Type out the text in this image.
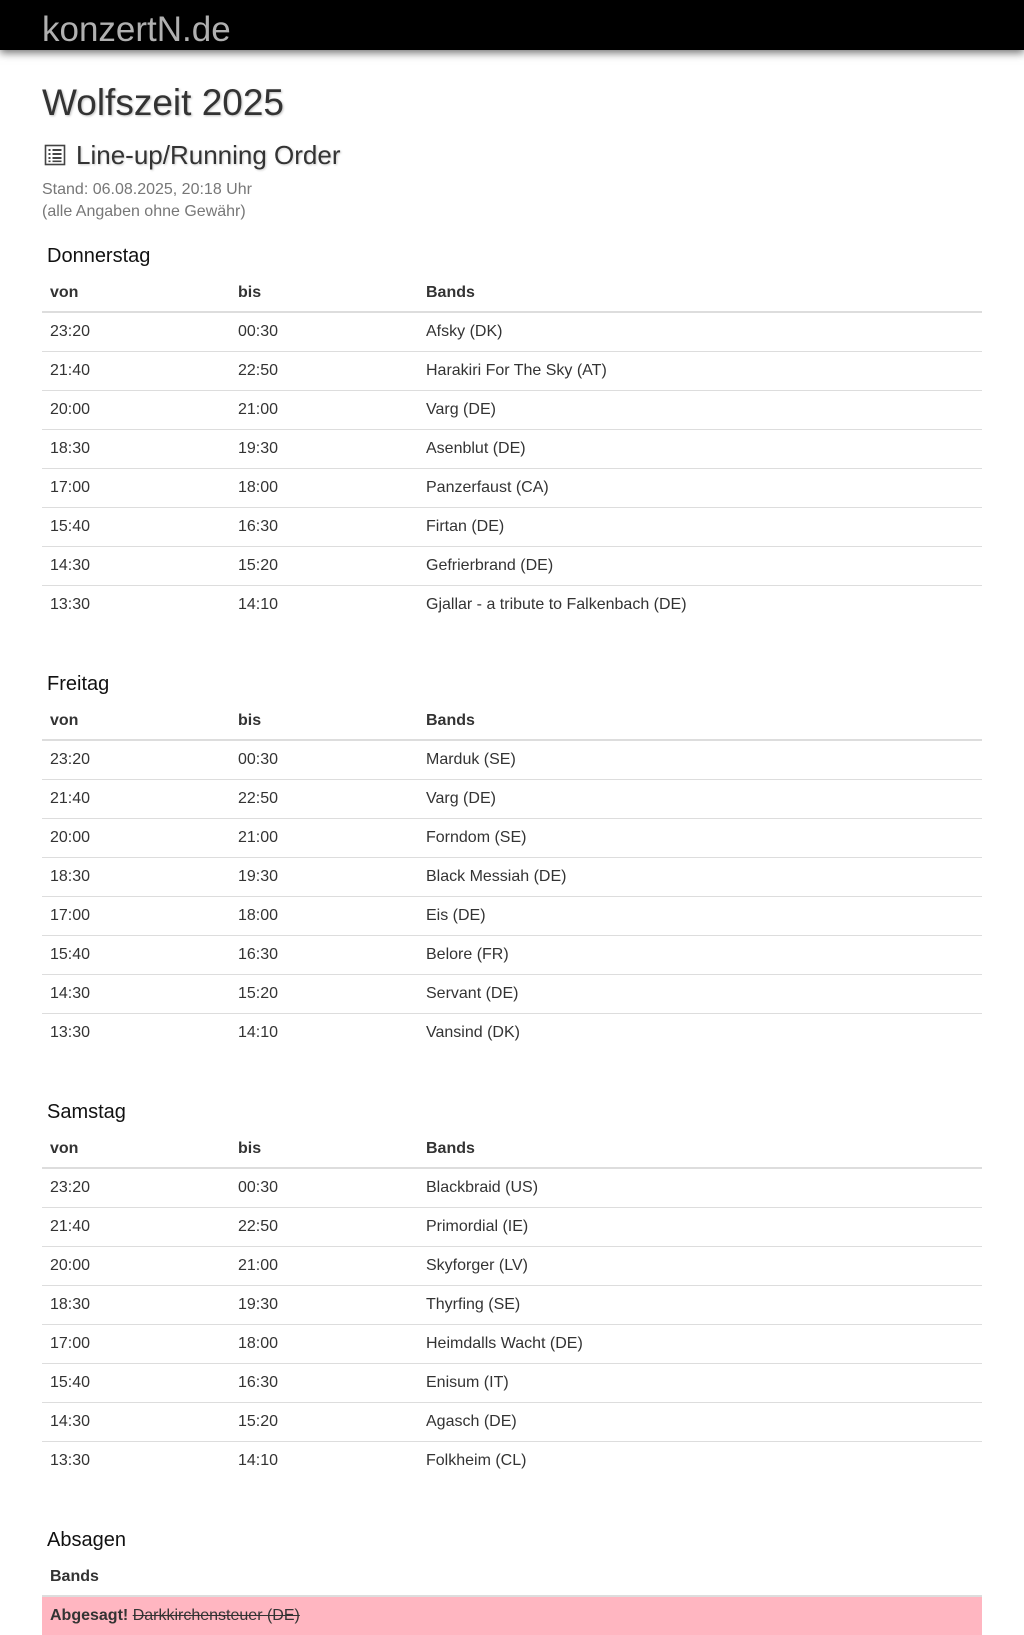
konzertN.de
Wolfszeit 2025
Line-up/Running Order
Stand: 06.08.2025, 20:18 Uhr
(alle Angaben ohne Gewähr)
Donnerstag
von	bis	Bands
23:20	00:30	Afsky (DK)
21:40	22:50	Harakiri For The Sky (AT)
20:00	21:00	Varg (DE)
18:30	19:30	Asenblut (DE)
17:00	18:00	Panzerfaust (CA)
15:40	16:30	Firtan (DE)
14:30	15:20	Gefrierbrand (DE)
13:30	14:10	Gjallar - a tribute to Falkenbach (DE)
Freitag
von	bis	Bands
23:20	00:30	Marduk (SE)
21:40	22:50	Varg (DE)
20:00	21:00	Forndom (SE)
18:30	19:30	Black Messiah (DE)
17:00	18:00	Eis (DE)
15:40	16:30	Belore (FR)
14:30	15:20	Servant (DE)
13:30	14:10	Vansind (DK)
Samstag
von	bis	Bands
23:20	00:30	Blackbraid (US)
21:40	22:50	Primordial (IE)
20:00	21:00	Skyforger (LV)
18:30	19:30	Thyrfing (SE)
17:00	18:00	Heimdalls Wacht (DE)
15:40	16:30	Enisum (IT)
14:30	15:20	Agasch (DE)
13:30	14:10	Folkheim (CL)
Absagen
Bands
Abgesagt! Darkkirchensteuer (DE)
